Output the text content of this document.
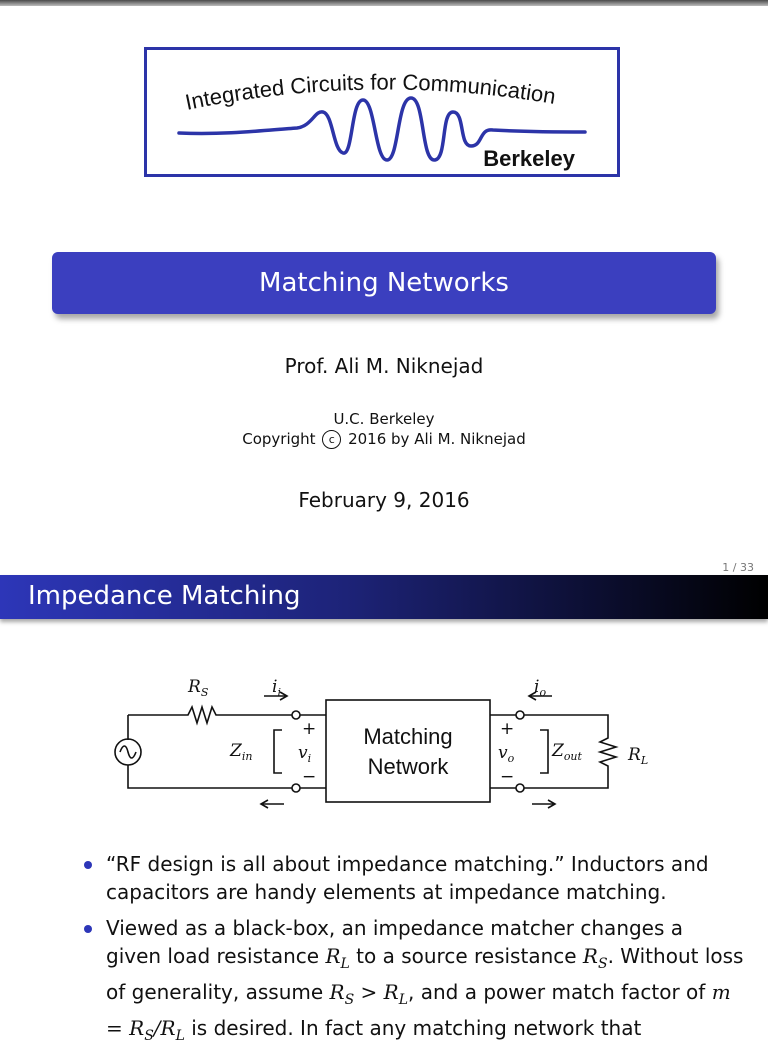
Integrated Circuits for Communication
Berkeley
Matching Networks
Prof. Ali M. Niknejad
U.C. Berkeley
Copyright c 2016 by Ali M. Niknejad
February 9, 2016
1 / 33
Impedance Matching
$R_S$	$i_i$	$i_o$
$Z_{in}$	$v_i$	$v_o$ $Z_{out}$	$R_L$
+
−
+
−
Matching
Network
“RF design is all about impedance matching.” Inductors and capacitors are handy elements at impedance matching.
Viewed as a black-box, an impedance matcher changes a given load resistance $R_L$ to a source resistance $R_S$. Without loss of generality, assume $R_S > R_L$, and a power match factor of $m = R_S/R_L$ is desired. In fact any matching network that
